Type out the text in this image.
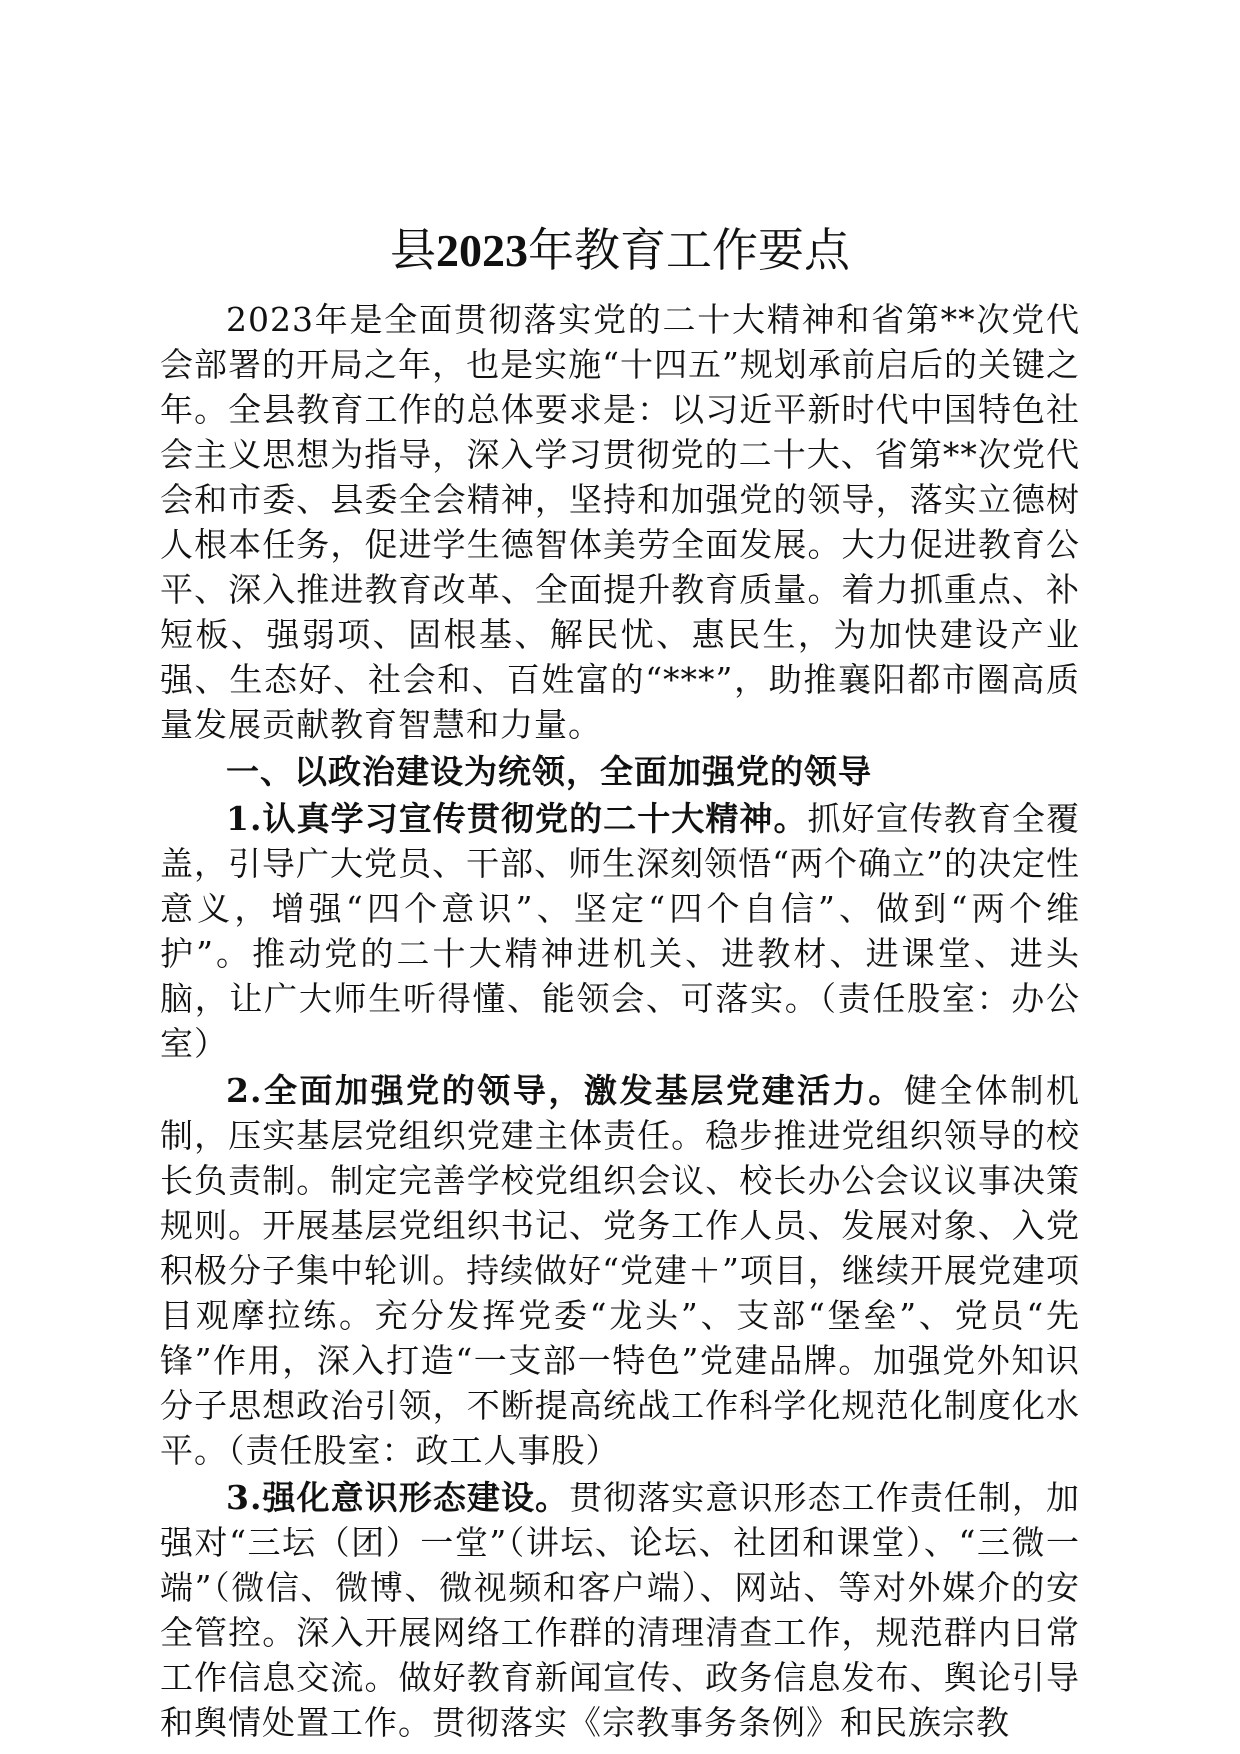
县2023年教育工作要点

2023年是全面贯彻落实党的二十大精神和省第**次党代会部署的开局之年，也是实施“十四五”规划承前启后的关键之年。全县教育工作的总体要求是：以习近平新时代中国特色社会主义思想为指导，深入学习贯彻党的二十大、省第**次党代会和市委、县委全会精神，坚持和加强党的领导，落实立德树人根本任务，促进学生德智体美劳全面发展。大力促进教育公平、深入推进教育改革、全面提升教育质量。着力抓重点、补短板、强弱项、固根基、解民忧、惠民生，为加快建设产业强、生态好、社会和、百姓富的“***”，助推襄阳都市圈高质量发展贡献教育智慧和力量。

一、以政治建设为统领，全面加强党的领导

1.认真学习宣传贯彻党的二十大精神。抓好宣传教育全覆盖，引导广大党员、干部、师生深刻领悟“两个确立”的决定性意义，增强“四个意识”、坚定“四个自信”、做到“两个维护”。推动党的二十大精神进机关、进教材、进课堂、进头脑，让广大师生听得懂、能领会、可落实。（责任股室：办公室）

2.全面加强党的领导，激发基层党建活力。健全体制机制，压实基层党组织党建主体责任。稳步推进党组织领导的校长负责制。制定完善学校党组织会议、校长办公会议议事决策规则。开展基层党组织书记、党务工作人员、发展对象、入党积极分子集中轮训。持续做好“党建＋”项目，继续开展党建项目观摩拉练。充分发挥党委“龙头”、支部“堡垒”、党员“先锋”作用，深入打造“一支部一特色”党建品牌。加强党外知识分子思想政治引领，不断提高统战工作科学化规范化制度化水平。（责任股室：政工人事股）

3.强化意识形态建设。贯彻落实意识形态工作责任制，加强对“三坛（团）一堂”（讲坛、论坛、社团和课堂）、“三微一端”（微信、微博、微视频和客户端）、网站、等对外媒介的安全管控。深入开展网络工作群的清理清查工作，规范群内日常工作信息交流。做好教育新闻宣传、政务信息发布、舆论引导和舆情处置工作。贯彻落实《宗教事务条例》和民族宗教
